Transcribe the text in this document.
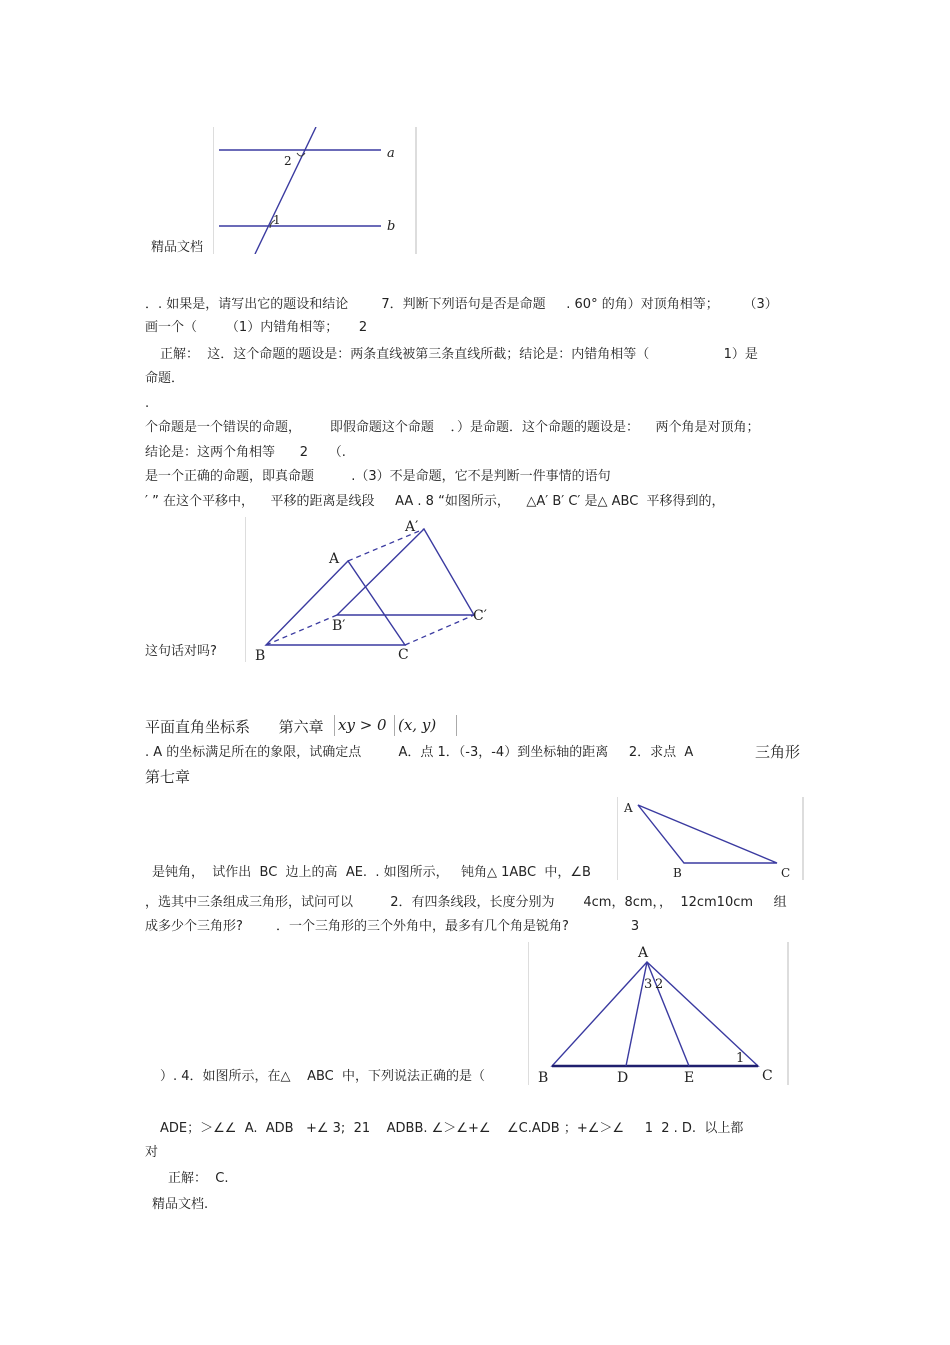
a
b
2
1
精品文档
．. 如果是，请写出它的题设和结论        7．判断下列语句是否是命题     . 60° 的角）对顶角相等；      （3）
画一个（       （1）内错角相等；     2
正解：  这．这个命题的题设是：两条直线被第三条直线所截；结论是：内错角相等（                  1）是
命题．
.
个命题是一个错误的命题，       即假命题这个命题    ．）是命题．这个命题的题设是：    两个角是对顶角；
结论是：这两个角相等      2     （.
是一个正确的命题，即真命题         .（3）不是命题，它不是判断一件事情的语句
′ ” 在这个平移中，    平移的距离是线段     AA . 8 “如图所示，    △A′ B′ C′ 是△ ABC  平移得到的，
A
B	C
A′
B′
C′
这句话对吗?
平面直角坐标系      第六章 xy > 0 (x, y)
. A 的坐标满足所在的象限，试确定点         A．点 1．（-3，-4）到坐标轴的距离     2．求点  A	三角形
第七章
A
B	C
是钝角，  试作出  BC  边上的高  AE.  . 如图所示，   钝角△ 1ABC  中，∠B
，选其中三条组成三角形，试问可以         2．有四条线段，长度分别为       4cm，8cm，，  12cm10cm     组
成多少个三角形?        ．一个三角形的三个外角中，最多有几个角是锐角?               3
A
B	D	E	C
3 2
1
）. 4．如图所示，在△    ABC  中，下列说法正确的是（
ADE；＞∠∠  A.  ADB   +∠ 3;  21    ADBB. ∠＞∠+∠    ∠C.ADB ；+∠＞∠     1  2 . D.  以上都
对
正解：  C.
精品文档.
